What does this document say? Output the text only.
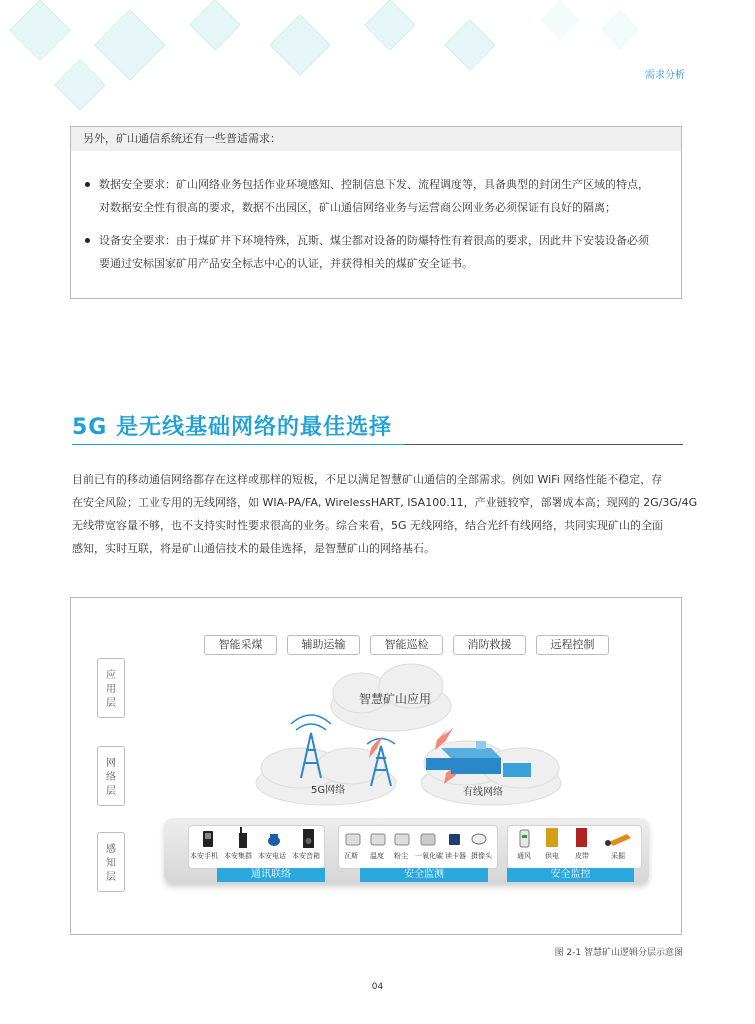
需求分析
另外，矿山通信系统还有一些普适需求：
数据安全要求：矿山网络业务包括作业环境感知、控制信息下发、流程调度等，具备典型的封闭生产区域的特点，
对数据安全性有很高的要求，数据不出园区，矿山通信网络业务与运营商公网业务必须保证有良好的隔离；
设备安全要求：由于煤矿井下环境特殊，瓦斯、煤尘都对设备的防爆特性有着很高的要求，因此井下安装设备必须
要通过安标国家矿用产品安全标志中心的认证，并获得相关的煤矿安全证书。
5G 是无线基础网络的最佳选择
目前已有的移动通信网络都存在这样或那样的短板，不足以满足智慧矿山通信的全部需求。例如 WiFi 网络性能不稳定，存
在安全风险；工业专用的无线网络，如 WIA-PA/FA, WirelessHART, ISA100.11，产业链较窄，部署成本高；现网的 2G/3G/4G
无线带宽容量不够，也不支持实时性要求很高的业务。综合来看，5G 无线网络，结合光纤有线网络，共同实现矿山的全面
感知，实时互联，将是矿山通信技术的最佳选择，是智慧矿山的网络基石。
智慧矿山应用
5G网络	有线网络
智能采煤	辅助运输	智能巡检	消防救援	远程控制
应用层
网络层
感知层
本安手机 本安集群 本安电话 本安音箱	瓦斯 温度 粉尘 一氧化碳 读卡器 摄像头	通风 供电 皮带	采掘
通讯联络	安全监测	安全监控
图 2-1 智慧矿山逻辑分层示意图
04
